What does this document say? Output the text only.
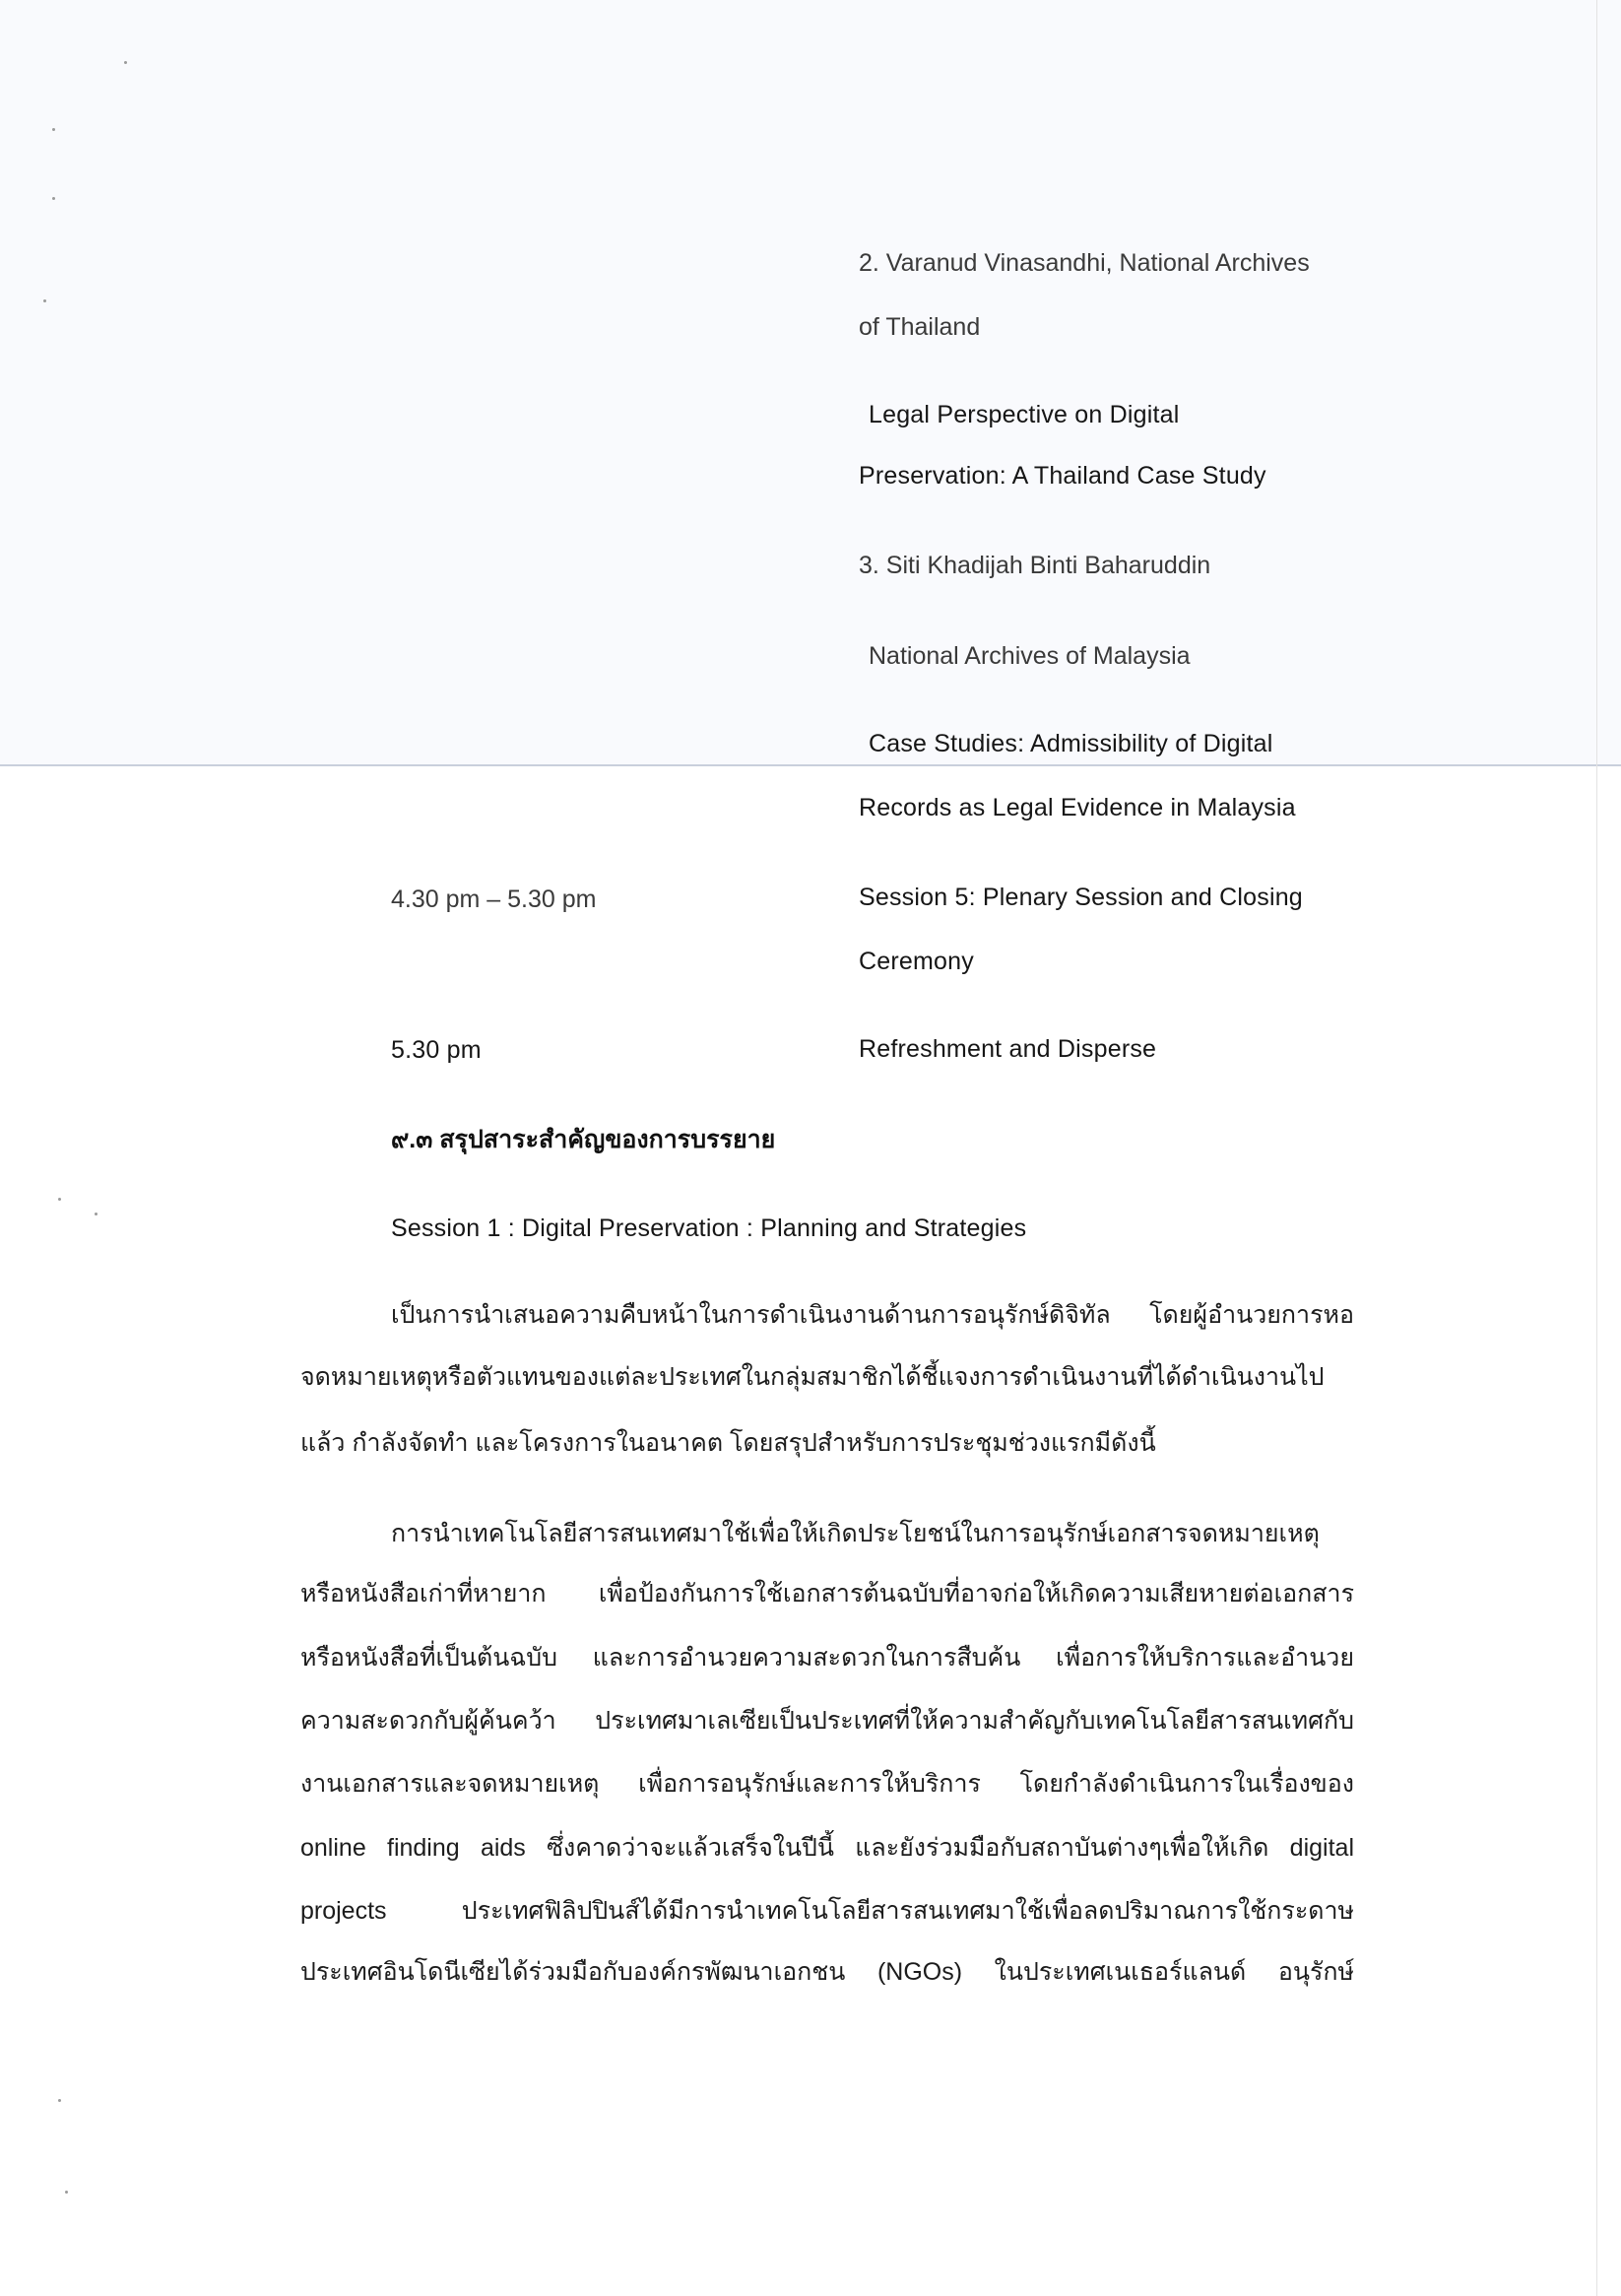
2. Varanud Vinasandhi, National Archives
of Thailand
Legal Perspective on Digital
Preservation: A Thailand Case Study
3. Siti Khadijah Binti Baharuddin
National Archives of Malaysia
Case Studies: Admissibility of Digital
Records as Legal Evidence in Malaysia
4.30 pm – 5.30 pm	Session 5: Plenary Session and Closing
Ceremony
5.30 pm	Refreshment and Disperse
๙.๓ สรุปสาระสำคัญของการบรรยาย
Session 1 : Digital Preservation : Planning and Strategies
เป็นการนำเสนอความคืบหน้าในการดำเนินงานด้านการอนุรักษ์ดิจิทัล โดยผู้อำนวยการหอ
จดหมายเหตุหรือตัวแทนของแต่ละประเทศในกลุ่มสมาชิกได้ชี้แจงการดำเนินงานที่ได้ดำเนินงานไป
แล้ว กำลังจัดทำ และโครงการในอนาคต โดยสรุปสำหรับการประชุมช่วงแรกมีดังนี้
การนำเทคโนโลยีสารสนเทศมาใช้เพื่อให้เกิดประโยชน์ในการอนุรักษ์เอกสารจดหมายเหตุ
หรือหนังสือเก่าที่หายาก เพื่อป้องกันการใช้เอกสารต้นฉบับที่อาจก่อให้เกิดความเสียหายต่อเอกสาร
หรือหนังสือที่เป็นต้นฉบับ และการอำนวยความสะดวกในการสืบค้น เพื่อการให้บริการและอำนวย
ความสะดวกกับผู้ค้นคว้า ประเทศมาเลเซียเป็นประเทศที่ให้ความสำคัญกับเทคโนโลยีสารสนเทศกับ
งานเอกสารและจดหมายเหตุ เพื่อการอนุรักษ์และการให้บริการ โดยกำลังดำเนินการในเรื่องของ
online finding aids ซึ่งคาดว่าจะแล้วเสร็จในปีนี้ และยังร่วมมือกับสถาบันต่างๆเพื่อให้เกิด digital
projects ประเทศฟิลิปปินส์ได้มีการนำเทคโนโลยีสารสนเทศมาใช้เพื่อลดปริมาณการใช้กระดาษ
ประเทศอินโดนีเซียได้ร่วมมือกับองค์กรพัฒนาเอกชน (NGOs) ในประเทศเนเธอร์แลนด์ อนุรักษ์
